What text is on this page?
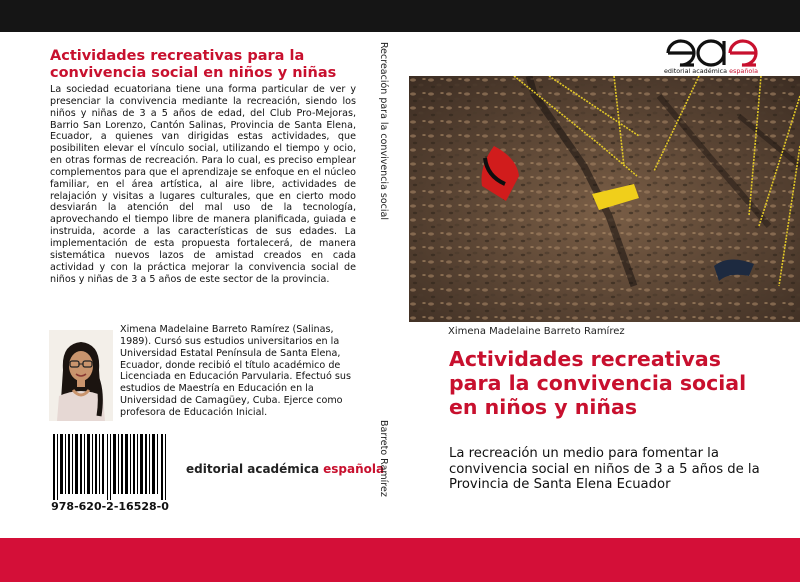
Actividades recreativas para la convivencia social en niños y niñas
La sociedad ecuatoriana tiene una forma particular de ver y presenciar la convivencia mediante la recreación, siendo los niños y niñas de 3 a 5 años de edad, del Club Pro-Mejoras, Barrio San Lorenzo, Cantón Salinas, Provincia de Santa Elena, Ecuador, a quienes van dirigidas estas actividades, que posibiliten elevar el vínculo social, utilizando el tiempo y ocio, en otras formas de recreación. Para lo cual, es preciso emplear complementos para que el aprendizaje se enfoque en el núcleo familiar, en el área artística, al aire libre, actividades de relajación y visitas a lugares culturales, que en cierto modo desviarán la atención del mal uso de la tecnología, aprovechando el tiempo libre de manera planificada, guiada e instruida, acorde a las características de sus edades. La implementación de esta propuesta fortalecerá, de manera sistemática nuevos lazos de amistad creados en cada actividad y con la práctica mejorar la convivencia social de niños y niñas de 3 a 5 años de este sector de la provincia.
Ximena Madelaine Barreto Ramírez (Salinas, 1989). Cursó sus estudios universitarios en la Universidad Estatal Península de Santa Elena, Ecuador, donde recibió el título académico de Licenciada en Educación Parvularia. Efectuó sus estudios de Maestría en Educación en la Universidad de Camagüey, Cuba. Ejerce como profesora de Educación Inicial.
978-620-2-16528-0
editorial académica española
Recreación para la convivencia social
Barreto Ramírez
editorial académica española
Ximena Madelaine Barreto Ramírez
Actividades recreativas para la convivencia social en niños y niñas
La recreación un medio para fomentar la convivencia social en niños de 3 a 5 años de la Provincia de Santa Elena Ecuador
